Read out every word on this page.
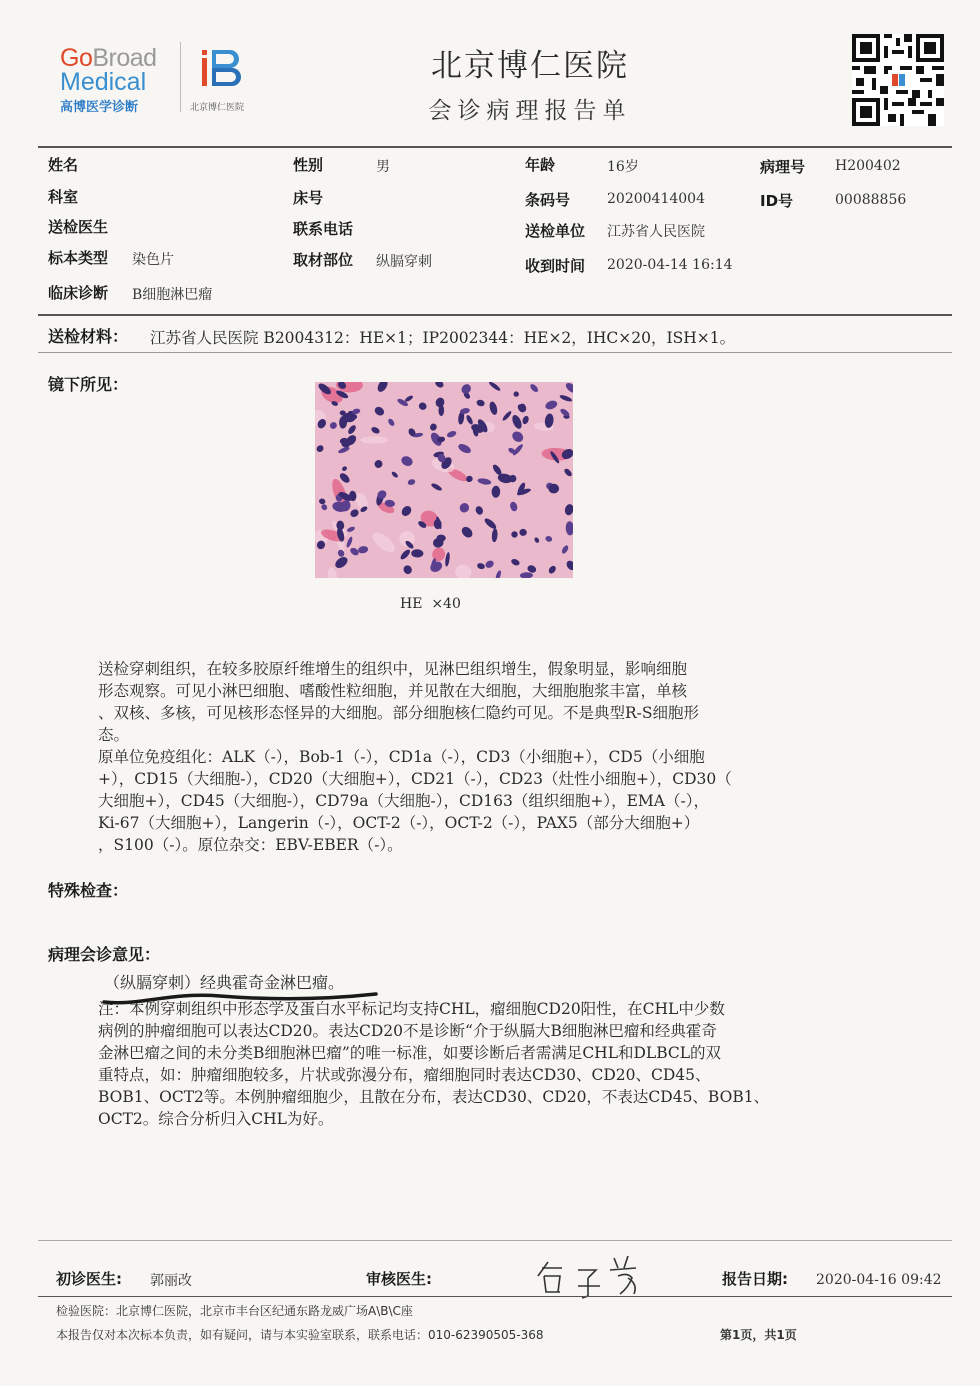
GoBroad
Medical
高博医学诊断	北京博仁医院
北京博仁医院
会诊病理报告单
姓名	性别	男	年龄	16岁	病理号 H200402
科室	床号	条码号	20200414004	ID号	00088856
送检医生	联系电话	送检单位 江苏省人民医院
标本类型 染色片	取材部位 纵膈穿刺	收到时间 2020-04-14 16:14
临床诊断 B细胞淋巴瘤
送检材料： 江苏省人民医院 B2004312：HE×1；IP2002344：HE×2，IHC×20，ISH×1。
镜下所见：
HE  ×40

送检穿刺组织，在较多胶原纤维增生的组织中，见淋巴组织增生，假象明显，影响细胞

形态观察。可见小淋巴细胞、嗜酸性粒细胞，并见散在大细胞，大细胞胞浆丰富，单核

、双核、多核，可见核形态怪异的大细胞。部分细胞核仁隐约可见。不是典型R-S细胞形

态。

原单位免疫组化：ALK（-），Bob-1（-），CD1a（-），CD3（小细胞+），CD5（小细胞

+），CD15（大细胞-），CD20（大细胞+），CD21（-），CD23（灶性小细胞+），CD30（

大细胞+），CD45（大细胞-），CD79a（大细胞-），CD163（组织细胞+），EMA（-），

Ki-67（大细胞+），Langerin（-），OCT-2（-），OCT-2（-），PAX5（部分大细胞+）

，S100（-）。原位杂交：EBV-EBER（-）。

特殊检查：
病理会诊意见：
（纵膈穿刺）经典霍奇金淋巴瘤。

注：本例穿刺组织中形态学及蛋白水平标记均支持CHL，瘤细胞CD20阳性，在CHL中少数

病例的肿瘤细胞可以表达CD20。表达CD20不是诊断“介于纵膈大B细胞淋巴瘤和经典霍奇

金淋巴瘤之间的未分类B细胞淋巴瘤”的唯一标准，如要诊断后者需满足CHL和DLBCL的双

重特点，如：肿瘤细胞较多，片状或弥漫分布，瘤细胞同时表达CD30、CD20、CD45、

BOB1、OCT2等。本例肿瘤细胞少，且散在分布，表达CD30、CD20，不表达CD45、BOB1、

OCT2。综合分析归入CHL为好。

初诊医生: 郭丽改	审核医生:	报告日期: 2020-04-16 09:42
检验医院：北京博仁医院，北京市丰台区纪通东路龙威广场A\B\C座
本报告仅对本次标本负责，如有疑问，请与本实验室联系，联系电话：010-62390505-368	第1页，共1页
